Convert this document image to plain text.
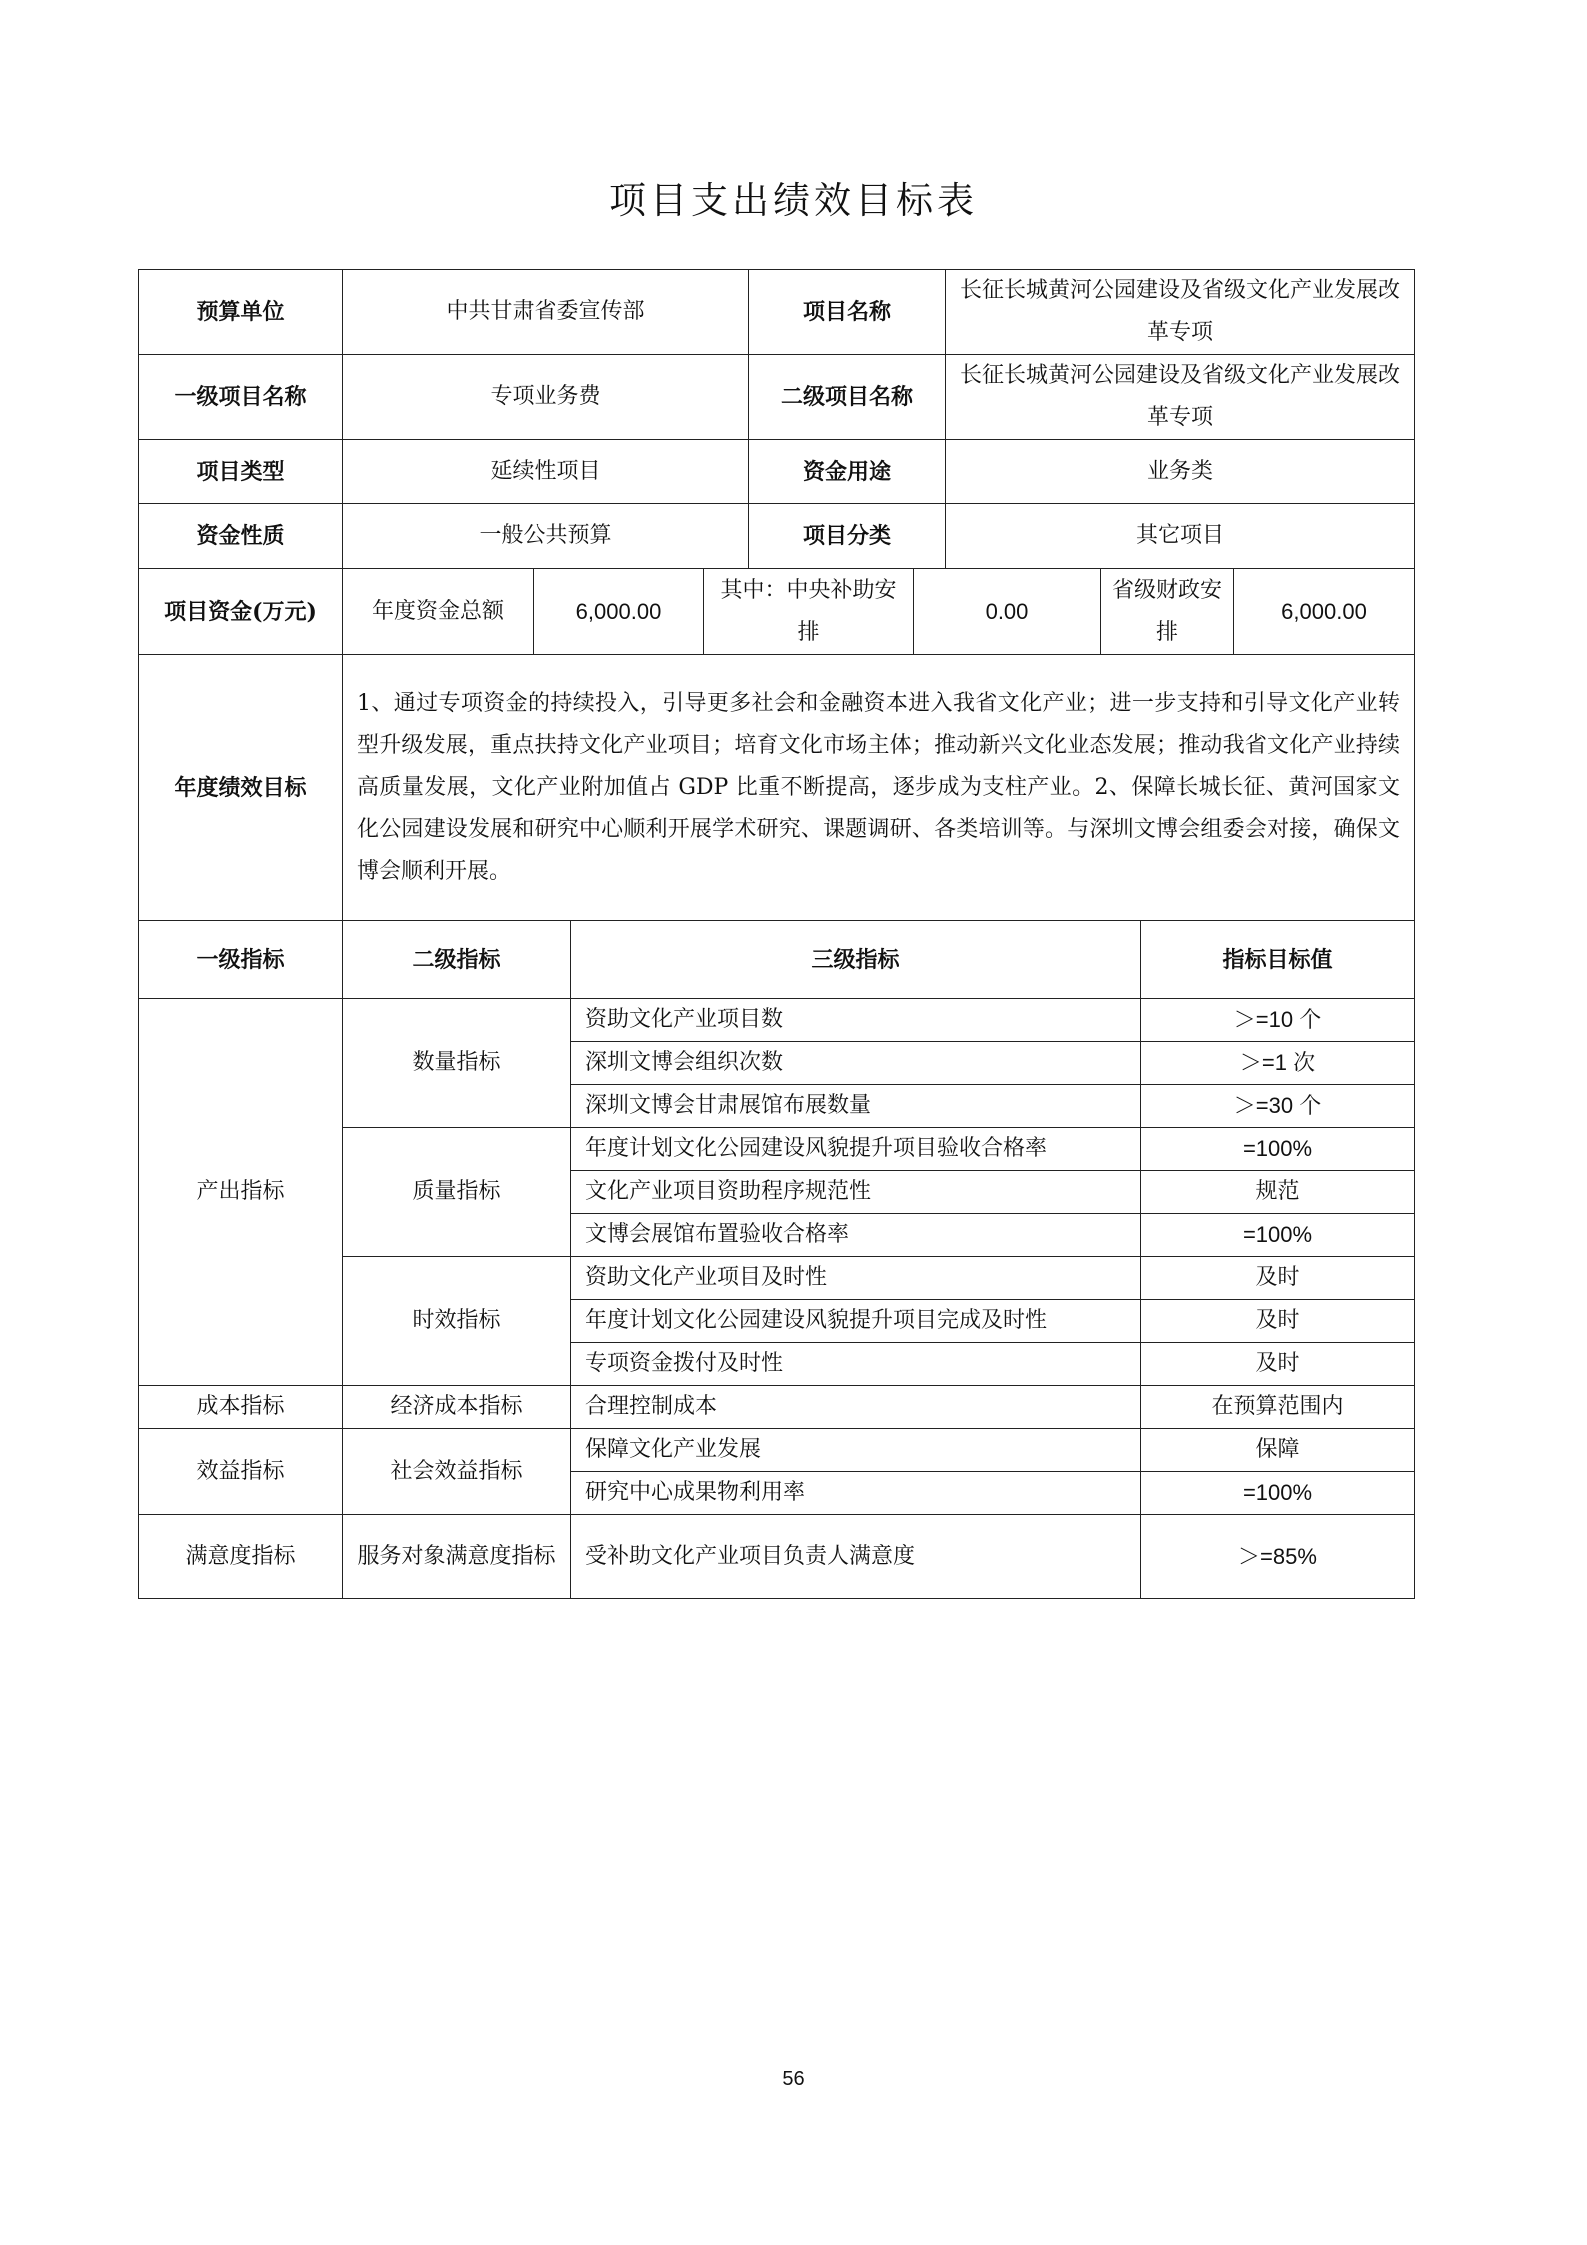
项目支出绩效目标表
预算单位	中共甘肃省委宣传部	项目名称	长征长城黄河公园建设及省级文化产业发展改革专项
一级项目名称	专项业务费	二级项目名称	长征长城黄河公园建设及省级文化产业发展改革专项
项目类型	延续性项目	资金用途	业务类
资金性质	一般公共预算	项目分类	其它项目
项目资金(万元)	年度资金总额	6,000.00	其中：中央补助安排	0.00	省级财政安排	6,000.00
年度绩效目标	1、通过专项资金的持续投入，引导更多社会和金融资本进入我省文化产业；进一步支持和引导文化产业转型升级发展，重点扶持文化产业项目；培育文化市场主体；推动新兴文化业态发展；推动我省文化产业持续高质量发展，文化产业附加值占 GDP 比重不断提高，逐步成为支柱产业。2、保障长城长征、黄河国家文化公园建设发展和研究中心顺利开展学术研究、课题调研、各类培训等。与深圳文博会组委会对接，确保文博会顺利开展。					
一级指标	二级指标	三级指标	指标目标值
产出指标	数量指标	资助文化产业项目数	＞=10 个
		深圳文博会组织次数	＞=1 次
		深圳文博会甘肃展馆布展数量	＞=30 个
	质量指标	年度计划文化公园建设风貌提升项目验收合格率	=100%
		文化产业项目资助程序规范性	规范
		文博会展馆布置验收合格率	=100%
	时效指标	资助文化产业项目及时性	及时
		年度计划文化公园建设风貌提升项目完成及时性	及时
		专项资金拨付及时性	及时
成本指标	经济成本指标	合理控制成本	在预算范围内
效益指标	社会效益指标	保障文化产业发展	保障
		研究中心成果物利用率	=100%
满意度指标	服务对象满意度指标	受补助文化产业项目负责人满意度	＞=85%
56
